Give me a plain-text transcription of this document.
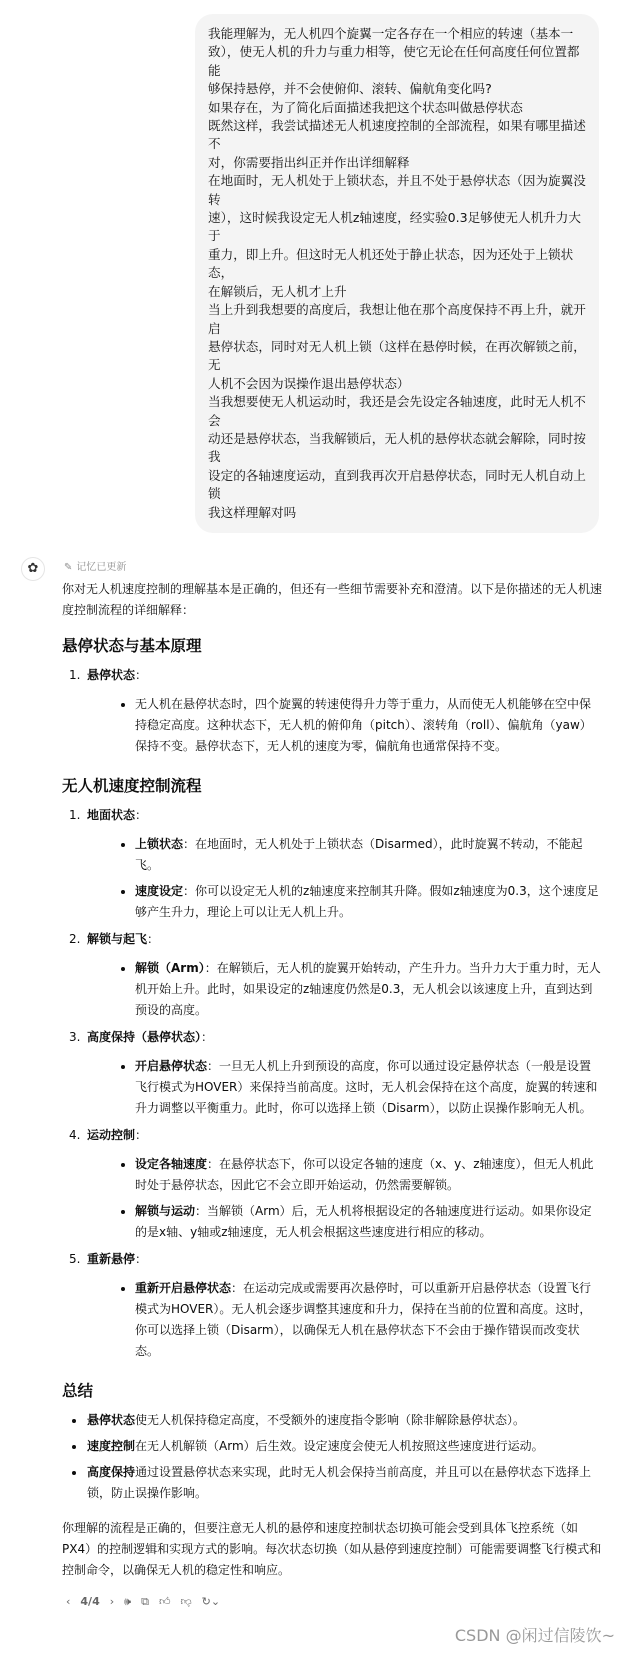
我能理解为，无人机四个旋翼一定各存在一个相应的转速（基本一
致），使无人机的升力与重力相等，使它无论在任何高度任何位置都能
够保持悬停，并不会使俯仰、滚转、偏航角变化吗?
如果存在，为了简化后面描述我把这个状态叫做悬停状态
既然这样，我尝试描述无人机速度控制的全部流程，如果有哪里描述不
对，你需要指出纠正并作出详细解释
在地面时，无人机处于上锁状态，并且不处于悬停状态（因为旋翼没转
速），这时候我设定无人机z轴速度，经实验0.3足够使无人机升力大于
重力，即上升。但这时无人机还处于静止状态，因为还处于上锁状态，
在解锁后，无人机才上升
当上升到我想要的高度后，我想让他在那个高度保持不再上升，就开启
悬停状态，同时对无人机上锁（这样在悬停时候，在再次解锁之前，无
人机不会因为误操作退出悬停状态）
当我想要使无人机运动时，我还是会先设定各轴速度，此时无人机不会
动还是悬停状态，当我解锁后，无人机的悬停状态就会解除，同时按我
设定的各轴速度运动，直到我再次开启悬停状态，同时无人机自动上锁
我这样理解对吗
✿	✎ 记忆已更新

你对无人机速度控制的理解基本是正确的，但还有一些细节需要补充和澄清。以下是你描述的无人机速度控制流程的详细解释：

悬停状态与基本原理
1. 悬停状态：
无人机在悬停状态时，四个旋翼的转速使得升力等于重力，从而使无人机能够在空中保持稳定高度。这种状态下，无人机的俯仰角（pitch）、滚转角（roll）、偏航角（yaw）保持不变。悬停状态下，无人机的速度为零，偏航角也通常保持不变。
无人机速度控制流程
1. 地面状态：
上锁状态：在地面时，无人机处于上锁状态（Disarmed），此时旋翼不转动，不能起飞。
速度设定：你可以设定无人机的z轴速度来控制其升降。假如z轴速度为0.3，这个速度足够产生升力，理论上可以让无人机上升。
2. 解锁与起飞：
解锁（Arm）：在解锁后，无人机的旋翼开始转动，产生升力。当升力大于重力时，无人机开始上升。此时，如果设定的z轴速度仍然是0.3，无人机会以该速度上升，直到达到预设的高度。
3. 高度保持（悬停状态）：
开启悬停状态：一旦无人机上升到预设的高度，你可以通过设定悬停状态（一般是设置飞行模式为HOVER）来保持当前高度。这时，无人机会保持在这个高度，旋翼的转速和升力调整以平衡重力。此时，你可以选择上锁（Disarm），以防止误操作影响无人机。
4. 运动控制：
设定各轴速度：在悬停状态下，你可以设定各轴的速度（x、y、z轴速度），但无人机此时处于悬停状态，因此它不会立即开始运动，仍然需要解锁。
解锁与运动：当解锁（Arm）后，无人机将根据设定的各轴速度进行运动。如果你设定的是x轴、y轴或z轴速度，无人机会根据这些速度进行相应的移动。
5. 重新悬停：
重新开启悬停状态：在运动完成或需要再次悬停时，可以重新开启悬停状态（设置飞行模式为HOVER）。无人机会逐步调整其速度和升力，保持在当前的位置和高度。这时，你可以选择上锁（Disarm），以确保无人机在悬停状态下不会由于操作错误而改变状态。
总结
悬停状态使无人机保持稳定高度，不受额外的速度指令影响（除非解除悬停状态）。
速度控制在无人机解锁（Arm）后生效。设定速度会使无人机按照这些速度进行运动。
高度保持通过设置悬停状态来实现，此时无人机会保持当前高度，并且可以在悬停状态下选择上锁，防止误操作影响。

你理解的流程是正确的，但要注意无人机的悬停和速度控制状态切换可能会受到具体飞控系统（如PX4）的控制逻辑和实现方式的影响。每次状态切换（如从悬停到速度控制）可能需要调整飞行模式和控制命令，以确保无人机的稳定性和响应。

‹ 4/4 › 🕪 ⧉ 👍︎ 👎︎ ↻⌄
CSDN @闲过信陵饮~
